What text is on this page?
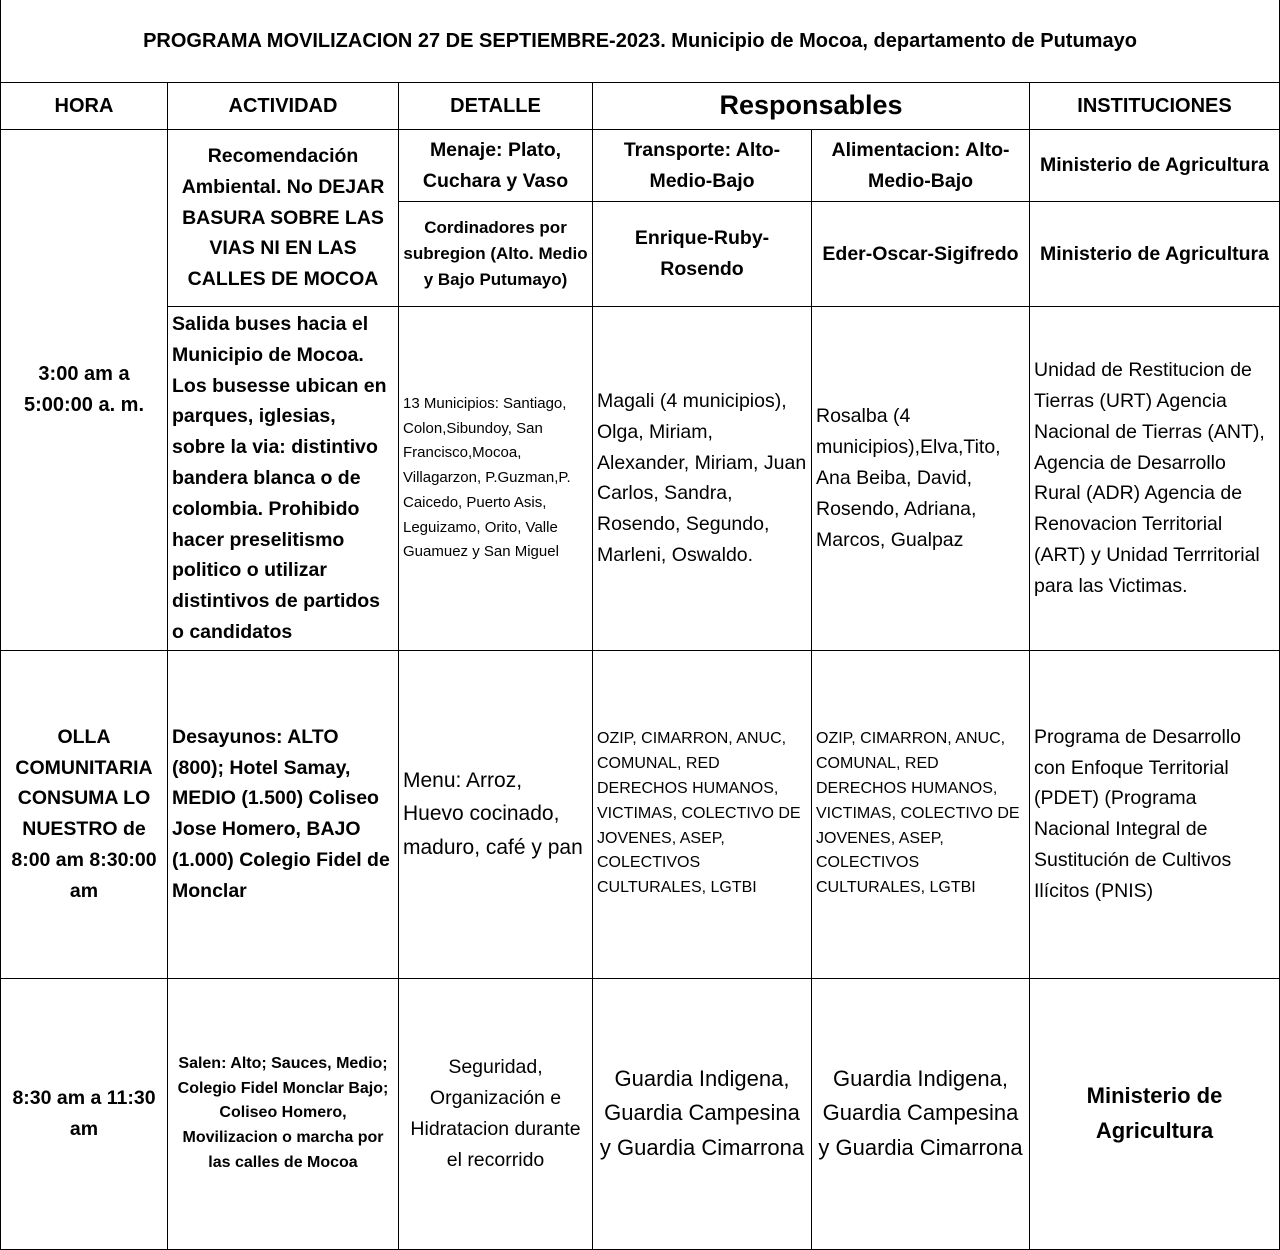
PROGRAMA MOVILIZACION 27 DE SEPTIEMBRE-2023. Municipio de Mocoa, departamento de Putumayo					
HORA	ACTIVIDAD	DETALLE	Responsables		INSTITUCIONES
3:00 am a 5:00:00 a. m.	Recomendación Ambiental. No DEJAR BASURA SOBRE LAS VIAS NI EN LAS CALLES DE MOCOA	Menaje: Plato, Cuchara y Vaso	Transporte: Alto-Medio-Bajo	Alimentacion: Alto-Medio-Bajo	Ministerio de Agricultura
		Cordinadores por subregion (Alto. Medio y Bajo Putumayo)	Enrique-Ruby-Rosendo	Eder-Oscar-Sigifredo	Ministerio de Agricultura
	Salida buses hacia el Municipio de Mocoa. Los busesse ubican en parques, iglesias, sobre la via: distintivo bandera blanca o de colombia. Prohibido hacer preselitismo politico o utilizar distintivos de partidos o candidatos	13 Municipios: Santiago, Colon,Sibundoy, San Francisco,Mocoa, Villagarzon, P.Guzman,P. Caicedo, Puerto Asis, Leguizamo, Orito, Valle Guamuez y San Miguel	Magali (4 municipios), Olga, Miriam, Alexander, Miriam, Juan Carlos, Sandra, Rosendo, Segundo, Marleni, Oswaldo.	Rosalba (4 municipios),Elva,Tito, Ana Beiba, David, Rosendo, Adriana, Marcos, Gualpaz	Unidad de Restitucion de Tierras (URT) Agencia Nacional de Tierras (ANT), Agencia de Desarrollo Rural (ADR) Agencia de Renovacion Territorial (ART) y Unidad Terrritorial para las Victimas.
OLLA COMUNITARIA CONSUMA LO NUESTRO de 8:00 am 8:30:00 am	Desayunos: ALTO (800); Hotel Samay, MEDIO (1.500) Coliseo Jose Homero, BAJO (1.000) Colegio Fidel de Monclar	Menu: Arroz, Huevo cocinado, maduro, café y pan	OZIP, CIMARRON, ANUC, COMUNAL, RED DERECHOS HUMANOS, VICTIMAS, COLECTIVO DE JOVENES, ASEP, COLECTIVOS CULTURALES, LGTBI	OZIP, CIMARRON, ANUC, COMUNAL, RED DERECHOS HUMANOS, VICTIMAS, COLECTIVO DE JOVENES, ASEP, COLECTIVOS CULTURALES, LGTBI	Programa de Desarrollo con Enfoque Territorial (PDET) (Programa Nacional Integral de Sustitución de Cultivos Ilícitos (PNIS)
8:30 am a 11:30 am	Salen: Alto; Sauces, Medio; Colegio Fidel Monclar Bajo; Coliseo Homero, Movilizacion o marcha por las calles de Mocoa	Seguridad, Organización e Hidratacion durante el recorrido	Guardia Indigena, Guardia Campesina y Guardia Cimarrona	Guardia Indigena, Guardia Campesina y Guardia Cimarrona	Ministerio de Agricultura
